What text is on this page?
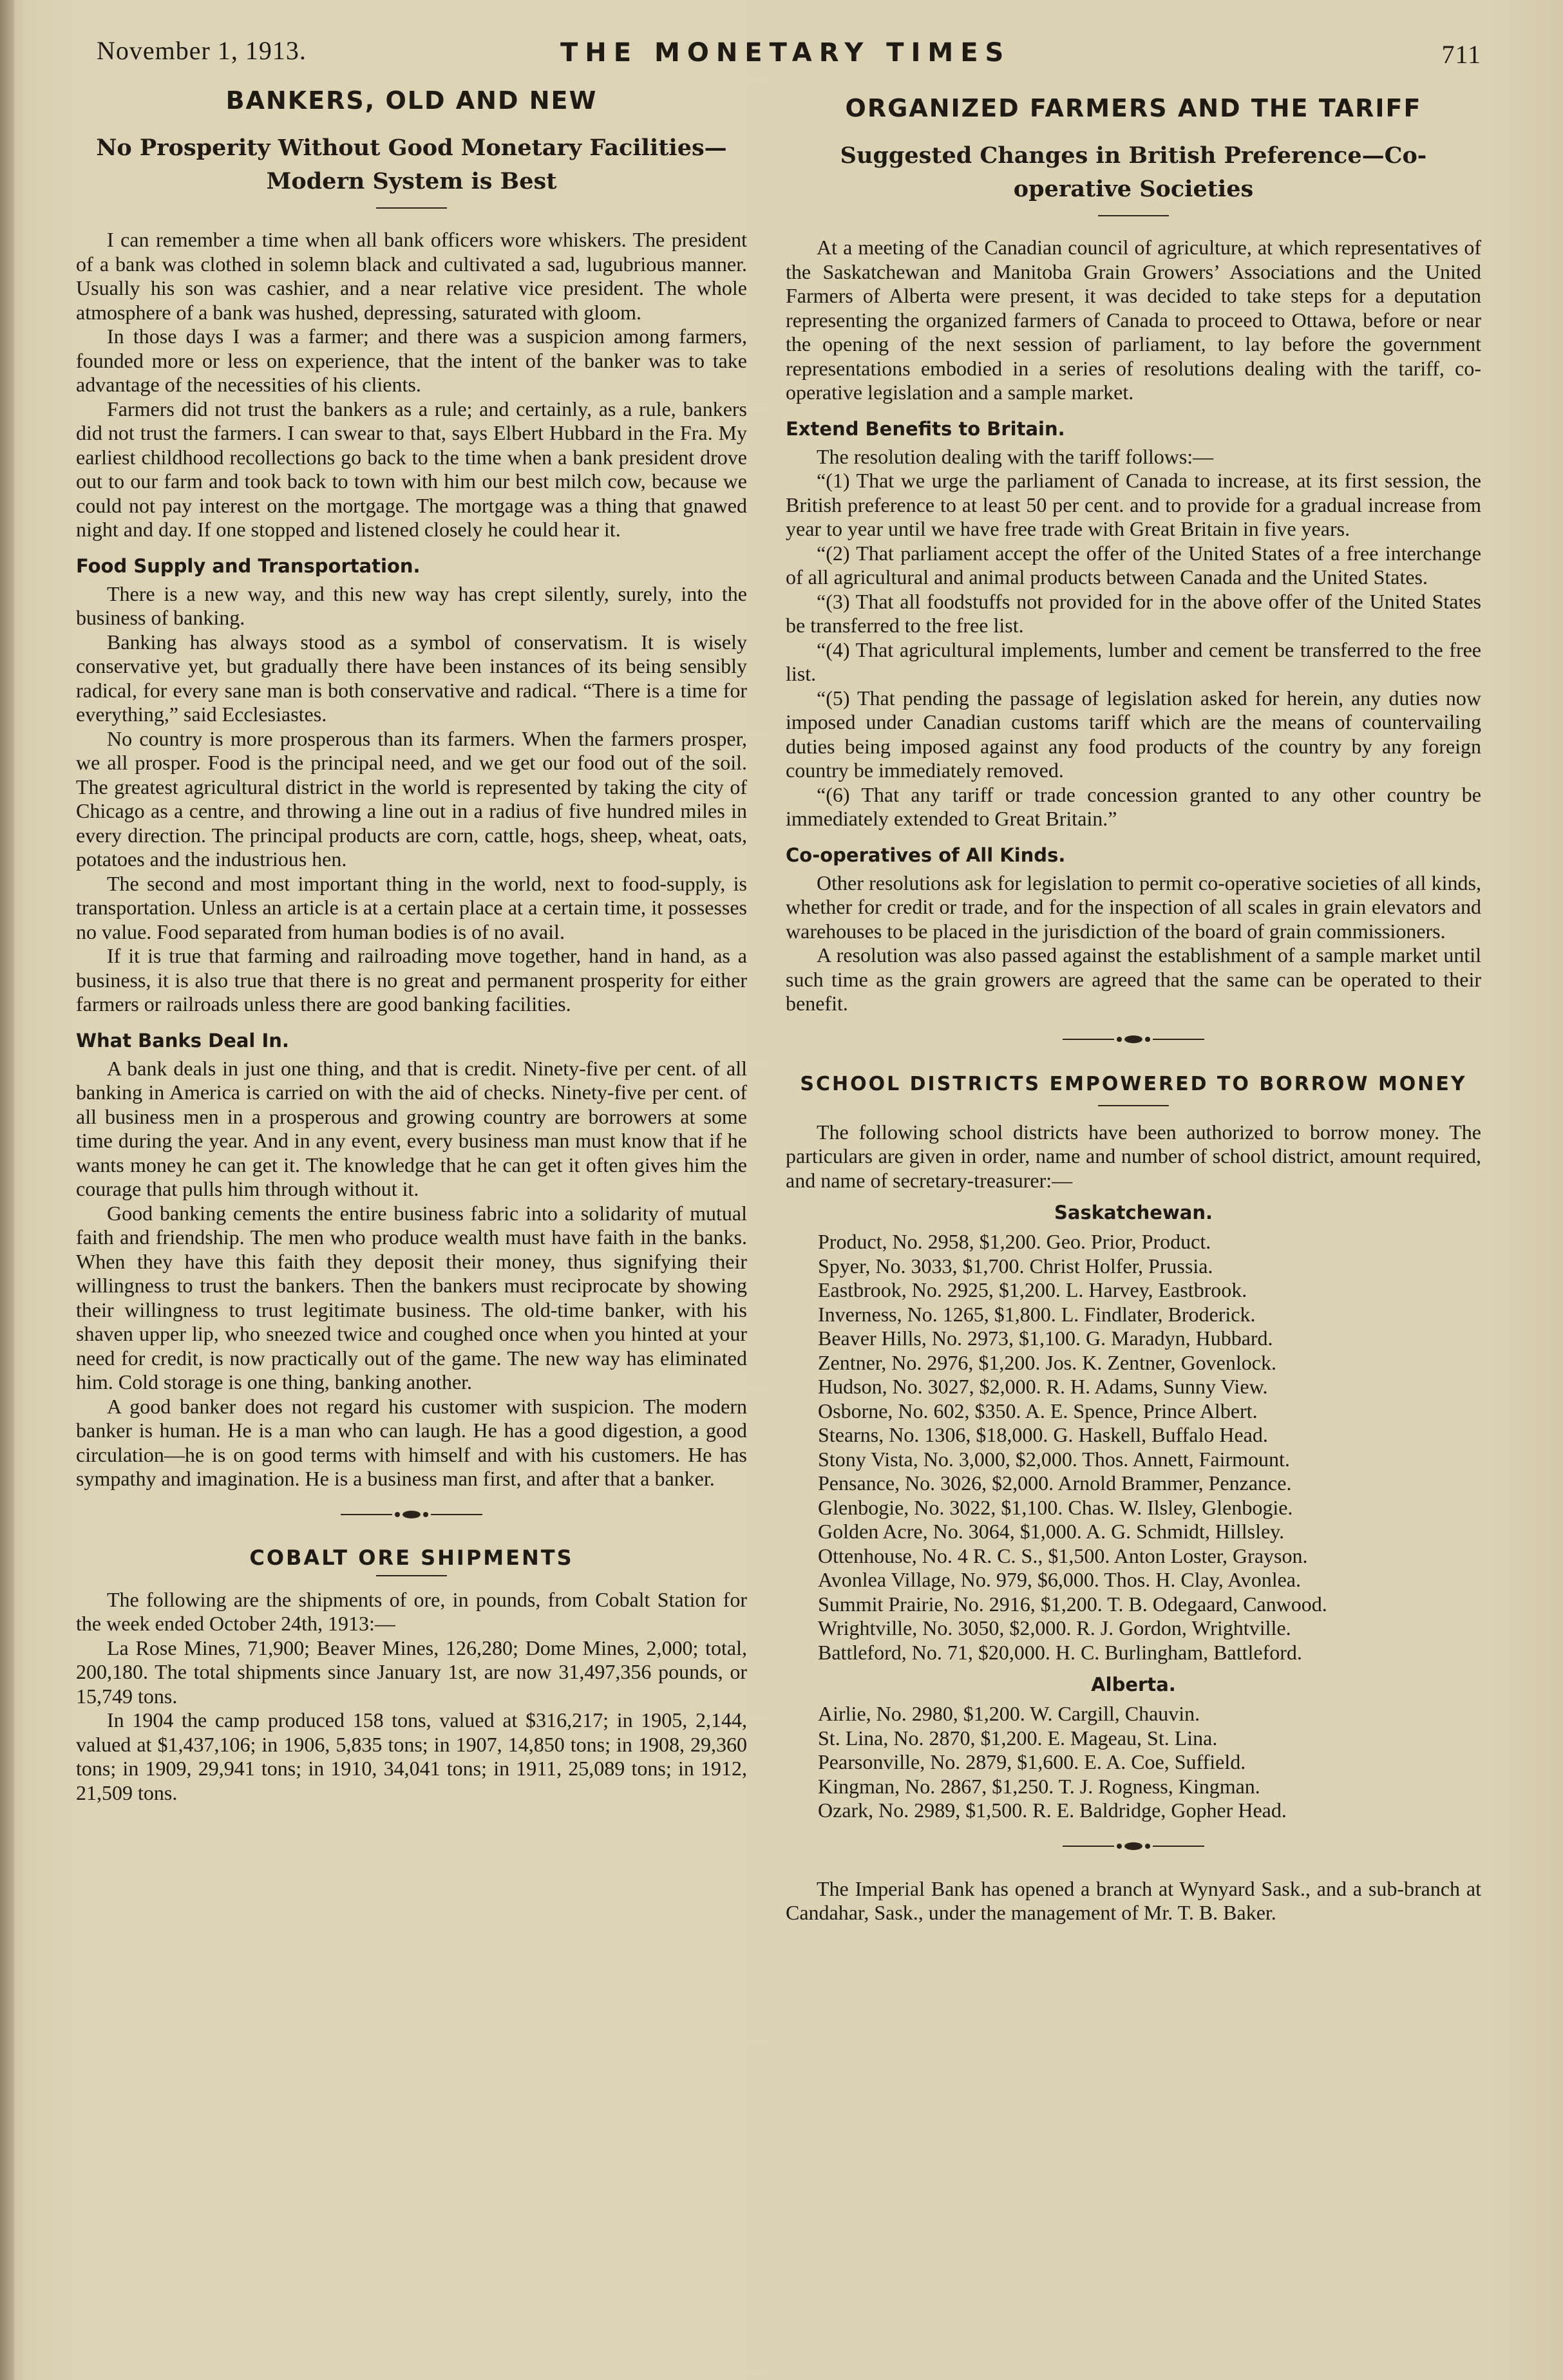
November 1, 1913.	THE MONETARY TIMES	711
BANKERS, OLD AND NEW
No Prosperity Without Good Monetary Facilities—Modern System is Best

I can remember a time when all bank officers wore whiskers. The president of a bank was clothed in solemn black and cultivated a sad, lugubrious manner. Usually his son was cashier, and a near relative vice president. The whole atmosphere of a bank was hushed, depressing, saturated with gloom.

In those days I was a farmer; and there was a suspicion among farmers, founded more or less on experience, that the intent of the banker was to take advantage of the necessities of his clients.

Farmers did not trust the bankers as a rule; and certainly, as a rule, bankers did not trust the farmers. I can swear to that, says Elbert Hubbard in the Fra. My earliest childhood recollections go back to the time when a bank president drove out to our farm and took back to town with him our best milch cow, because we could not pay interest on the mortgage. The mortgage was a thing that gnawed night and day. If one stopped and listened closely he could hear it.

Food Supply and Transportation.

There is a new way, and this new way has crept silently, surely, into the business of banking.

Banking has always stood as a symbol of conservatism. It is wisely conservative yet, but gradually there have been instances of its being sensibly radical, for every sane man is both conservative and radical. “There is a time for everything,” said Ecclesiastes.

No country is more prosperous than its farmers. When the farmers prosper, we all prosper. Food is the principal need, and we get our food out of the soil. The greatest agricultural district in the world is represented by taking the city of Chicago as a centre, and throwing a line out in a radius of five hundred miles in every direction. The principal products are corn, cattle, hogs, sheep, wheat, oats, potatoes and the industrious hen.

The second and most important thing in the world, next to food-supply, is transportation. Unless an article is at a certain place at a certain time, it possesses no value. Food separated from human bodies is of no avail.

If it is true that farming and railroading move together, hand in hand, as a business, it is also true that there is no great and permanent prosperity for either farmers or railroads unless there are good banking facilities.

What Banks Deal In.

A bank deals in just one thing, and that is credit. Ninety-five per cent. of all banking in America is carried on with the aid of checks. Ninety-five per cent. of all business men in a prosperous and growing country are borrowers at some time during the year. And in any event, every business man must know that if he wants money he can get it. The knowledge that he can get it often gives him the courage that pulls him through without it.

Good banking cements the entire business fabric into a solidarity of mutual faith and friendship. The men who produce wealth must have faith in the banks. When they have this faith they deposit their money, thus signifying their willingness to trust the bankers. Then the bankers must reciprocate by showing their willingness to trust legitimate business. The old-time banker, with his shaven upper lip, who sneezed twice and coughed once when you hinted at your need for credit, is now practically out of the game. The new way has eliminated him. Cold storage is one thing, banking another.

A good banker does not regard his customer with suspicion. The modern banker is human. He is a man who can laugh. He has a good digestion, a good circulation—he is on good terms with himself and with his customers. He has sympathy and imagination. He is a business man first, and after that a banker.

COBALT ORE SHIPMENTS

The following are the shipments of ore, in pounds, from Cobalt Station for the week ended October 24th, 1913:—

La Rose Mines, 71,900; Beaver Mines, 126,280; Dome Mines, 2,000; total, 200,180. The total shipments since January 1st, are now 31,497,356 pounds, or 15,749 tons.

In 1904 the camp produced 158 tons, valued at $316,217; in 1905, 2,144, valued at $1,437,106; in 1906, 5,835 tons; in 1907, 14,850 tons; in 1908, 29,360 tons; in 1909, 29,941 tons; in 1910, 34,041 tons; in 1911, 25,089 tons; in 1912, 21,509 tons.

ORGANIZED FARMERS AND THE TARIFF
Suggested Changes in British Preference—Co-operative Societies

At a meeting of the Canadian council of agriculture, at which representatives of the Saskatchewan and Manitoba Grain Growers’ Associations and the United Farmers of Alberta were present, it was decided to take steps for a deputation representing the organized farmers of Canada to proceed to Ottawa, before or near the opening of the next session of parliament, to lay before the government representations embodied in a series of resolutions dealing with the tariff, co-operative legislation and a sample market.

Extend Benefits to Britain.

The resolution dealing with the tariff follows:—

“(1) That we urge the parliament of Canada to increase, at its first session, the British preference to at least 50 per cent. and to provide for a gradual increase from year to year until we have free trade with Great Britain in five years.

“(2) That parliament accept the offer of the United States of a free interchange of all agricultural and animal products between Canada and the United States.

“(3) That all foodstuffs not provided for in the above offer of the United States be transferred to the free list.

“(4) That agricultural implements, lumber and cement be transferred to the free list.

“(5) That pending the passage of legislation asked for herein, any duties now imposed under Canadian customs tariff which are the means of countervailing duties being imposed against any food products of the country by any foreign country be immediately removed.

“(6) That any tariff or trade concession granted to any other country be immediately extended to Great Britain.”

Co-operatives of All Kinds.

Other resolutions ask for legislation to permit co-operative societies of all kinds, whether for credit or trade, and for the inspection of all scales in grain elevators and warehouses to be placed in the jurisdiction of the board of grain commissioners.

A resolution was also passed against the establishment of a sample market until such time as the grain growers are agreed that the same can be operated to their benefit.

SCHOOL DISTRICTS EMPOWERED TO BORROW MONEY

The following school districts have been authorized to borrow money. The particulars are given in order, name and number of school district, amount required, and name of secretary-treasurer:—

Saskatchewan.

Product, No. 2958, $1,200. Geo. Prior, Product.

Spyer, No. 3033, $1,700. Christ Holfer, Prussia.

Eastbrook, No. 2925, $1,200. L. Harvey, Eastbrook.

Inverness, No. 1265, $1,800. L. Findlater, Broderick.

Beaver Hills, No. 2973, $1,100. G. Maradyn, Hubbard.

Zentner, No. 2976, $1,200. Jos. K. Zentner, Govenlock.

Hudson, No. 3027, $2,000. R. H. Adams, Sunny View.

Osborne, No. 602, $350. A. E. Spence, Prince Albert.

Stearns, No. 1306, $18,000. G. Haskell, Buffalo Head.

Stony Vista, No. 3,000, $2,000. Thos. Annett, Fairmount.

Pensance, No. 3026, $2,000. Arnold Brammer, Penzance.

Glenbogie, No. 3022, $1,100. Chas. W. Ilsley, Glenbogie.

Golden Acre, No. 3064, $1,000. A. G. Schmidt, Hillsley.

Ottenhouse, No. 4 R. C. S., $1,500. Anton Loster, Grayson.

Avonlea Village, No. 979, $6,000. Thos. H. Clay, Avonlea.

Summit Prairie, No. 2916, $1,200. T. B. Odegaard, Canwood.

Wrightville, No. 3050, $2,000. R. J. Gordon, Wrightville.

Battleford, No. 71, $20,000. H. C. Burlingham, Battleford.

Alberta.

Airlie, No. 2980, $1,200. W. Cargill, Chauvin.

St. Lina, No. 2870, $1,200. E. Mageau, St. Lina.

Pearsonville, No. 2879, $1,600. E. A. Coe, Suffield.

Kingman, No. 2867, $1,250. T. J. Rogness, Kingman.

Ozark, No. 2989, $1,500. R. E. Baldridge, Gopher Head.

The Imperial Bank has opened a branch at Wynyard Sask., and a sub-branch at Candahar, Sask., under the management of Mr. T. B. Baker.
